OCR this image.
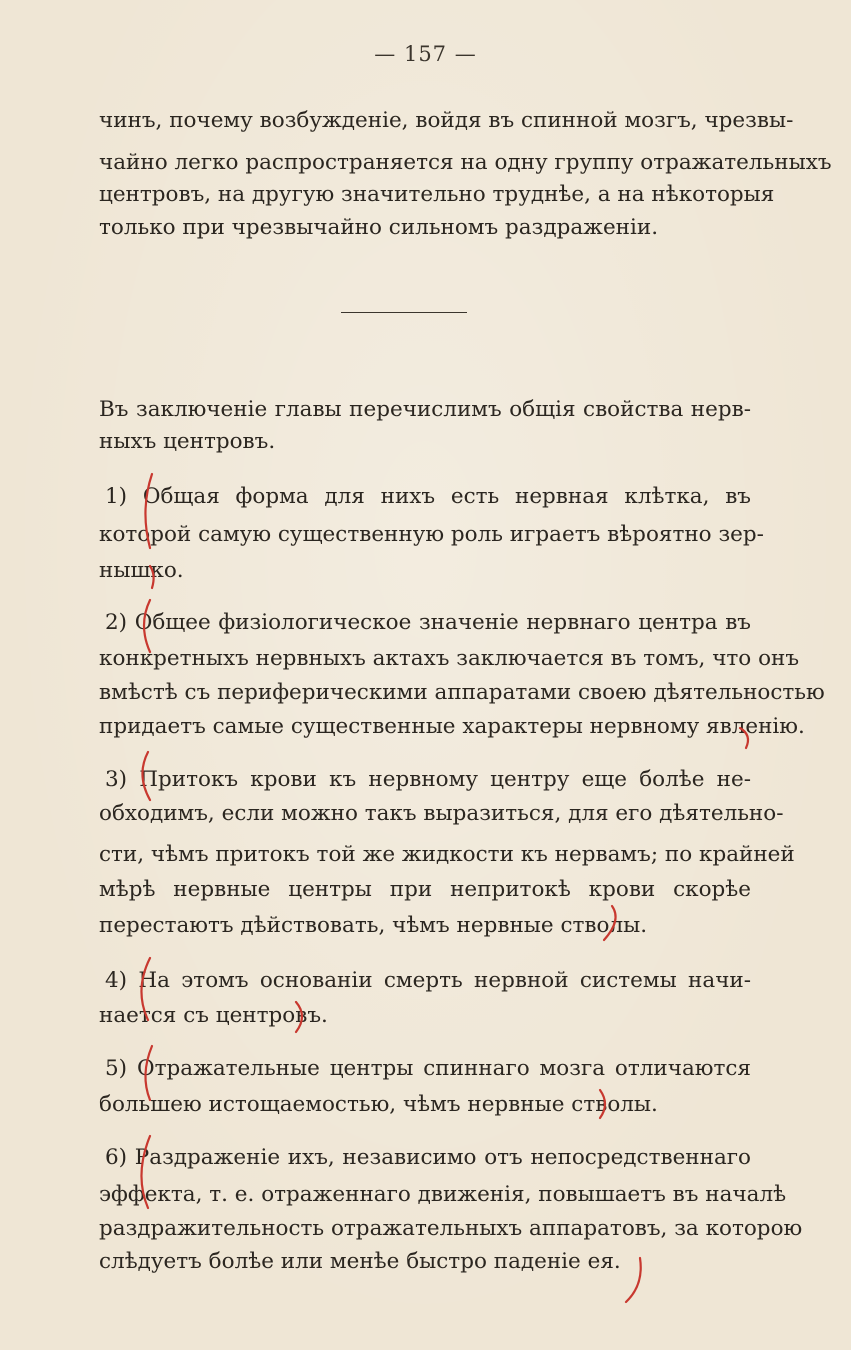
— 157 —
чинъ, почему возбужденіе, войдя въ спинной мозгъ, чрезвы-
чайно легко распространяется на одну группу отражательныхъ
центровъ, на другую значительно труднѣе, а на нѣкоторыя
только при чрезвычайно сильномъ раздраженіи.
Въ заключеніе главы перечислимъ общія свойства нерв-
ныхъ центровъ.
1) Общая форма для нихъ есть нервная клѣтка, въ
которой самую существенную роль играетъ вѣроятно зер-
нышко.
2) Общее физіологическое значеніе нервнаго центра въ
конкретныхъ нервныхъ актахъ заключается въ томъ, что онъ
вмѣстѣ съ периферическими аппаратами своею дѣятельностью
придаетъ самые существенные характеры нервному явленію.
3) Притокъ крови къ нервному центру еще болѣе не-
обходимъ, если можно такъ выразиться, для его дѣятельно-
сти, чѣмъ притокъ той же жидкости къ нервамъ; по крайней
мѣрѣ нервные центры при непритокѣ крови скорѣе
перестаютъ дѣйствовать, чѣмъ нервные стволы.
4) На этомъ основаніи смерть нервной системы начи-
нается съ центровъ.
5) Отражательные центры спиннаго мозга отличаются
большею истощаемостью, чѣмъ нервные стволы.
6) Раздраженіе ихъ, независимо отъ непосредственнаго
эффекта, т. е. отраженнаго движенія, повышаетъ въ началѣ
раздражительность отражательныхъ аппаратовъ, за которою
слѣдуетъ болѣе или менѣе быстро паденіе ея.
